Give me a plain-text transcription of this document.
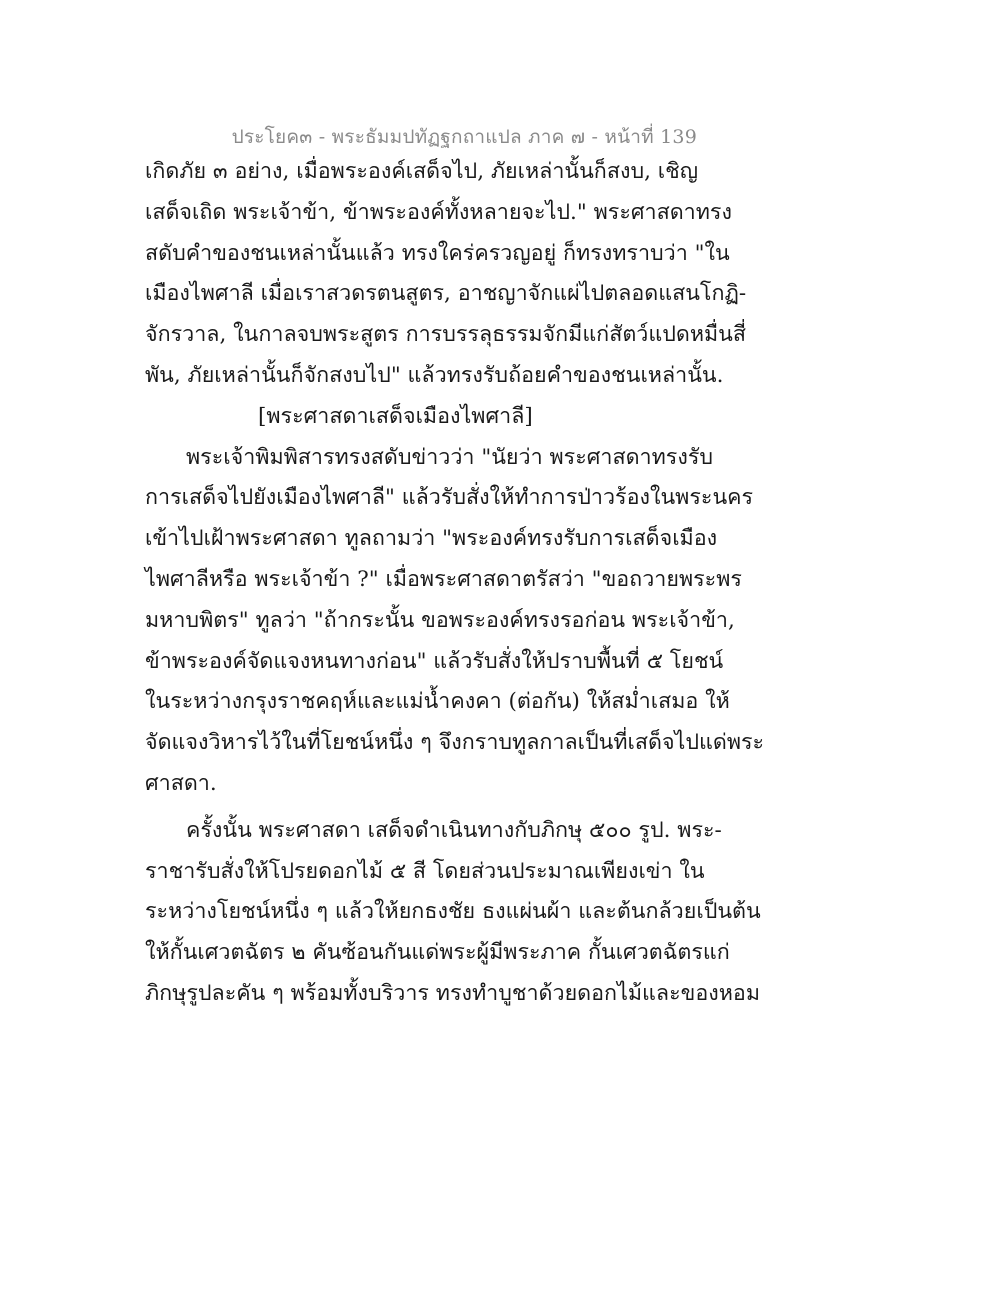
ประโยค๓ - พระธัมมปทัฏฐกถาแปล ภาค ๗ - หน้าที่ 139
เกิดภัย ๓ อย่าง, เมื่อพระองค์เสด็จไป, ภัยเหล่านั้นก็สงบ, เชิญ
เสด็จเถิด พระเจ้าข้า, ข้าพระองค์ทั้งหลายจะไป." พระศาสดาทรง
สดับคำของชนเหล่านั้นแล้ว ทรงใคร่ครวญอยู่ ก็ทรงทราบว่า "ใน
เมืองไพศาลี เมื่อเราสวดรตนสูตร, อาชญาจักแผ่ไปตลอดแสนโกฏิ-
จักรวาล, ในกาลจบพระสูตร การบรรลุธรรมจักมีแก่สัตว์แปดหมื่นสี่
พัน, ภัยเหล่านั้นก็จักสงบไป" แล้วทรงรับถ้อยคำของชนเหล่านั้น.
[พระศาสดาเสด็จเมืองไพศาลี]
พระเจ้าพิมพิสารทรงสดับข่าวว่า "นัยว่า พระศาสดาทรงรับ
การเสด็จไปยังเมืองไพศาลี" แล้วรับสั่งให้ทำการป่าวร้องในพระนคร
เข้าไปเฝ้าพระศาสดา ทูลถามว่า "พระองค์ทรงรับการเสด็จเมือง
ไพศาลีหรือ พระเจ้าข้า ?" เมื่อพระศาสดาตรัสว่า "ขอถวายพระพร
มหาบพิตร" ทูลว่า "ถ้ากระนั้น ขอพระองค์ทรงรอก่อน พระเจ้าข้า,
ข้าพระองค์จัดแจงหนทางก่อน" แล้วรับสั่งให้ปราบพื้นที่ ๕ โยชน์
ในระหว่างกรุงราชคฤห์และแม่น้ำคงคา (ต่อกัน) ให้สม่ำเสมอ ให้
จัดแจงวิหารไว้ในที่โยชน์หนึ่ง ๆ จึงกราบทูลกาลเป็นที่เสด็จไปแด่พระ
ศาสดา.
ครั้งนั้น พระศาสดา เสด็จดำเนินทางกับภิกษุ ๕๐๐ รูป. พระ-
ราชารับสั่งให้โปรยดอกไม้ ๕ สี โดยส่วนประมาณเพียงเข่า ใน
ระหว่างโยชน์หนึ่ง ๆ แล้วให้ยกธงชัย ธงแผ่นผ้า และต้นกล้วยเป็นต้น
ให้กั้นเศวตฉัตร ๒ คันซ้อนกันแด่พระผู้มีพระภาค กั้นเศวตฉัตรแก่
ภิกษุรูปละคัน ๆ พร้อมทั้งบริวาร ทรงทำบูชาด้วยดอกไม้และของหอม
